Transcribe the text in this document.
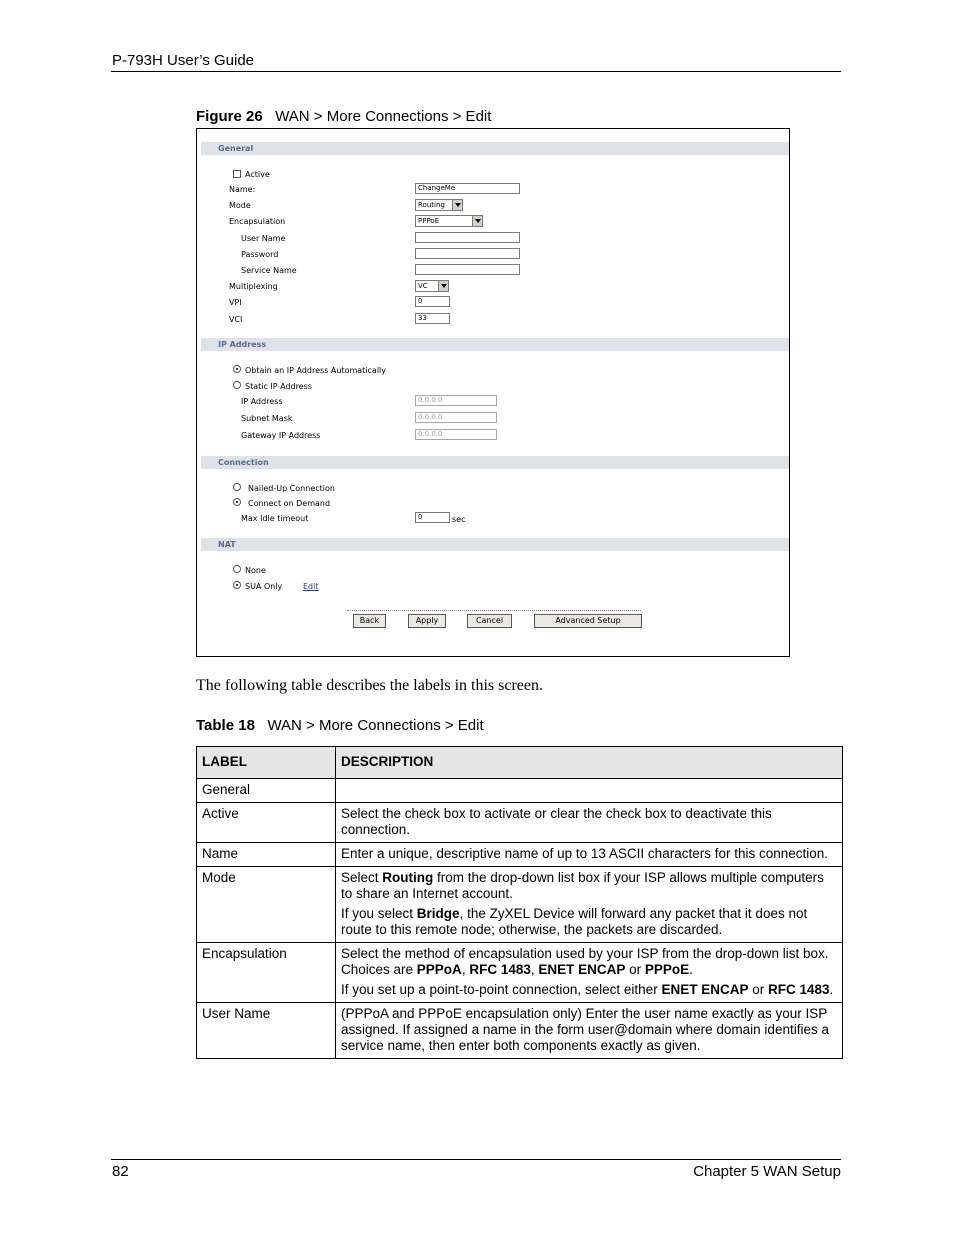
P-793H User’s Guide
Figure 26 WAN > More Connections > Edit
General
Active
Name:	ChangeMe
Mode	Routing
Encapsulation	PPPoE
User Name
Password
Service Name
Multiplexing	VC
VPI	0
VCI	33
IP Address
Obtain an IP Address Automatically
Static IP Address
IP Address	0.0.0.0
Subnet Mask	0.0.0.0
Gateway IP Address	0.0.0.0
Connection
Nailed-Up Connection
Connect on Demand
Max Idle timeout	0	sec
NAT
None
SUA Only	Edit
Back	Apply	Cancel	Advanced Setup
The following table describes the labels in this screen.
Table 18 WAN > More Connections > Edit
LABEL	DESCRIPTION
General	
Active	Select the check box to activate or clear the check box to deactivate this connection.
Name	Enter a unique, descriptive name of up to 13 ASCII characters for this connection.
Mode	Select Routing from the drop-down list box if your ISP allows multiple computers to share an Internet account.

If you select Bridge, the ZyXEL Device will forward any packet that it does not route to this remote node; otherwise, the packets are discarded.

Encapsulation	Select the method of encapsulation used by your ISP from the drop-down list box. Choices are PPPoA, RFC 1483, ENET ENCAP or PPPoE.

If you set up a point-to-point connection, select either ENET ENCAP or RFC 1483.

User Name	(PPPoA and PPPoE encapsulation only) Enter the user name exactly as your ISP assigned. If assigned a name in the form user@domain where domain identifies a service name, then enter both components exactly as given.
82	Chapter 5 WAN Setup
